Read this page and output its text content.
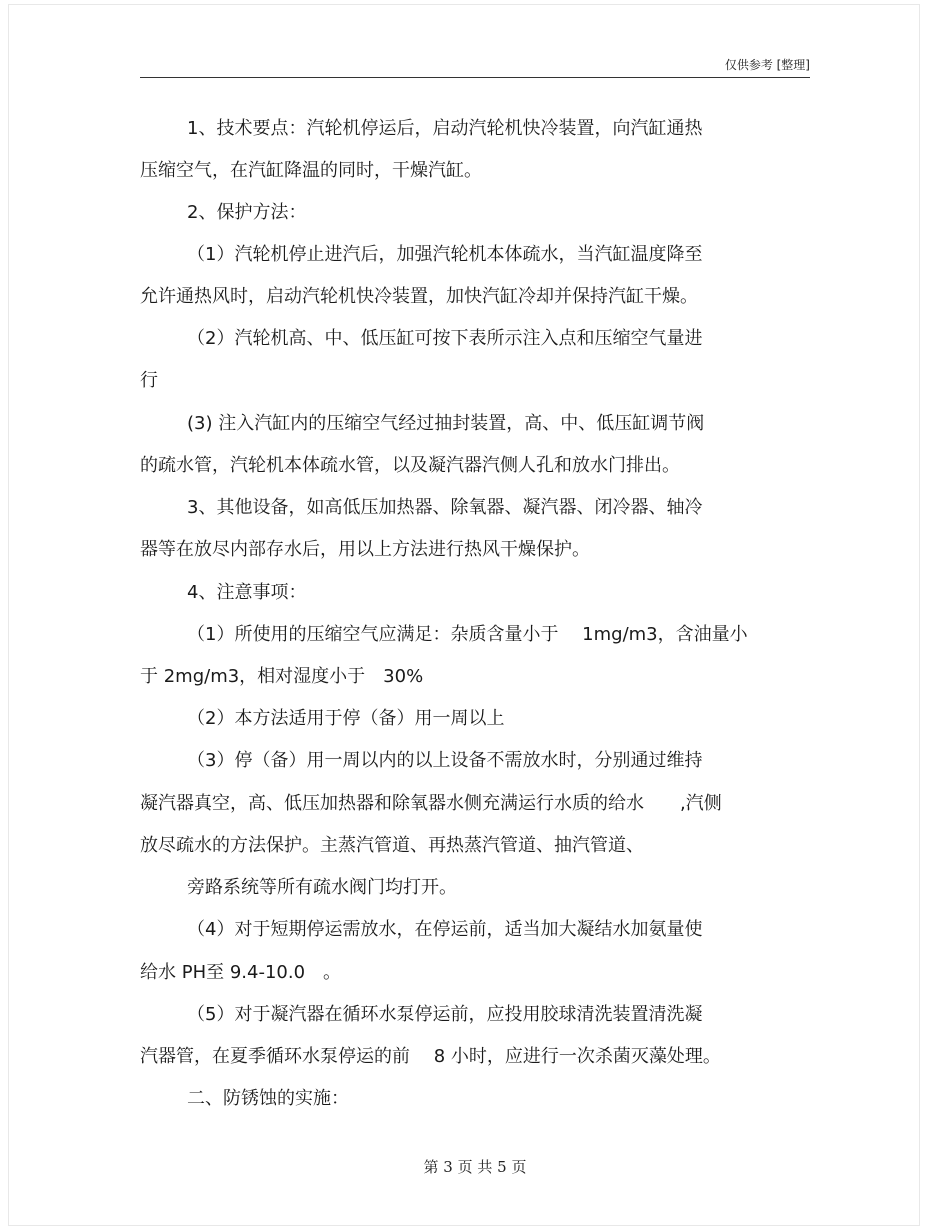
仅供参考 [整理]
1、技术要点：汽轮机停运后，启动汽轮机快冷装置，向汽缸通热
压缩空气，在汽缸降温的同时，干燥汽缸。
2、保护方法：
（1）汽轮机停止进汽后，加强汽轮机本体疏水，当汽缸温度降至
允许通热风时，启动汽轮机快冷装置，加快汽缸冷却并保持汽缸干燥。
（2）汽轮机高、中、低压缸可按下表所示注入点和压缩空气量进
行
(3) 注入汽缸内的压缩空气经过抽封装置，高、中、低压缸调节阀
的疏水管，汽轮机本体疏水管，以及凝汽器汽侧人孔和放水门排出。
3、其他设备，如高低压加热器、除氧器、凝汽器、闭冷器、轴冷
器等在放尽内部存水后，用以上方法进行热风干燥保护。
4、注意事项：
（1）所使用的压缩空气应满足：杂质含量小于　 1mg/m3，含油量小
于 2mg/m3，相对湿度小于　30%
（2）本方法适用于停（备）用一周以上
（3）停（备）用一周以内的以上设备不需放水时，分别通过维持
凝汽器真空，高、低压加热器和除氧器水侧充满运行水质的给水　　,汽侧
放尽疏水的方法保护。主蒸汽管道、再热蒸汽管道、抽汽管道、
旁路系统等所有疏水阀门均打开。
（4）对于短期停运需放水，在停运前，适当加大凝结水加氨量使
给水 PH至 9.4-10.0　。
（5）对于凝汽器在循环水泵停运前，应投用胶球清洗装置清洗凝
汽器管，在夏季循环水泵停运的前　 8 小时，应进行一次杀菌灭藻处理。
二、防锈蚀的实施：
第 3 页 共 5 页
